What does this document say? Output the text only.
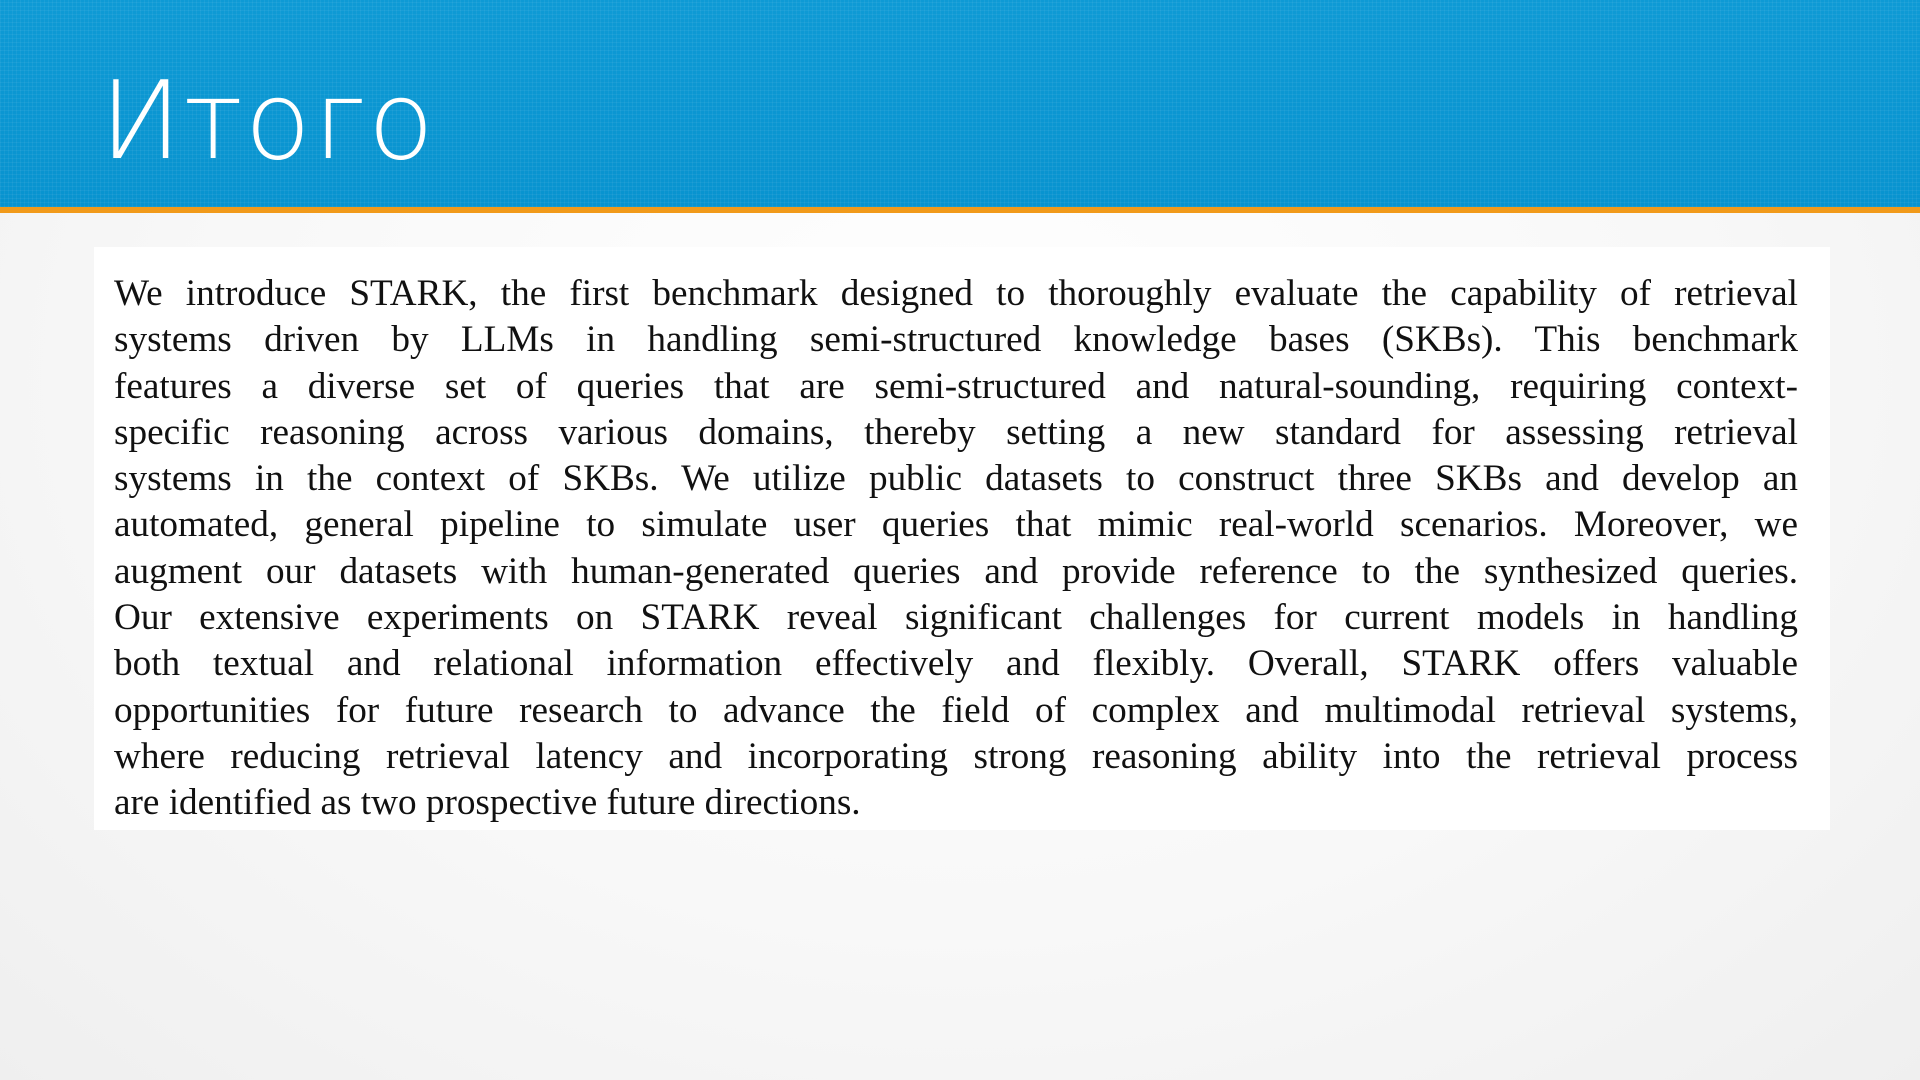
Итого

We introduce STARK, the first benchmark designed to thoroughly evaluate the capability of retrieval
systems driven by LLMs in handling semi-structured knowledge bases (SKBs). This benchmark
features a diverse set of queries that are semi-structured and natural-sounding, requiring context-
specific reasoning across various domains, thereby setting a new standard for assessing retrieval
systems in the context of SKBs. We utilize public datasets to construct three SKBs and develop an
automated, general pipeline to simulate user queries that mimic real-world scenarios. Moreover, we
augment our datasets with human-generated queries and provide reference to the synthesized queries.
Our extensive experiments on STARK reveal significant challenges for current models in handling
both textual and relational information effectively and flexibly. Overall, STARK offers valuable
opportunities for future research to advance the field of complex and multimodal retrieval systems,
where reducing retrieval latency and incorporating strong reasoning ability into the retrieval process
are identified as two prospective future directions.
